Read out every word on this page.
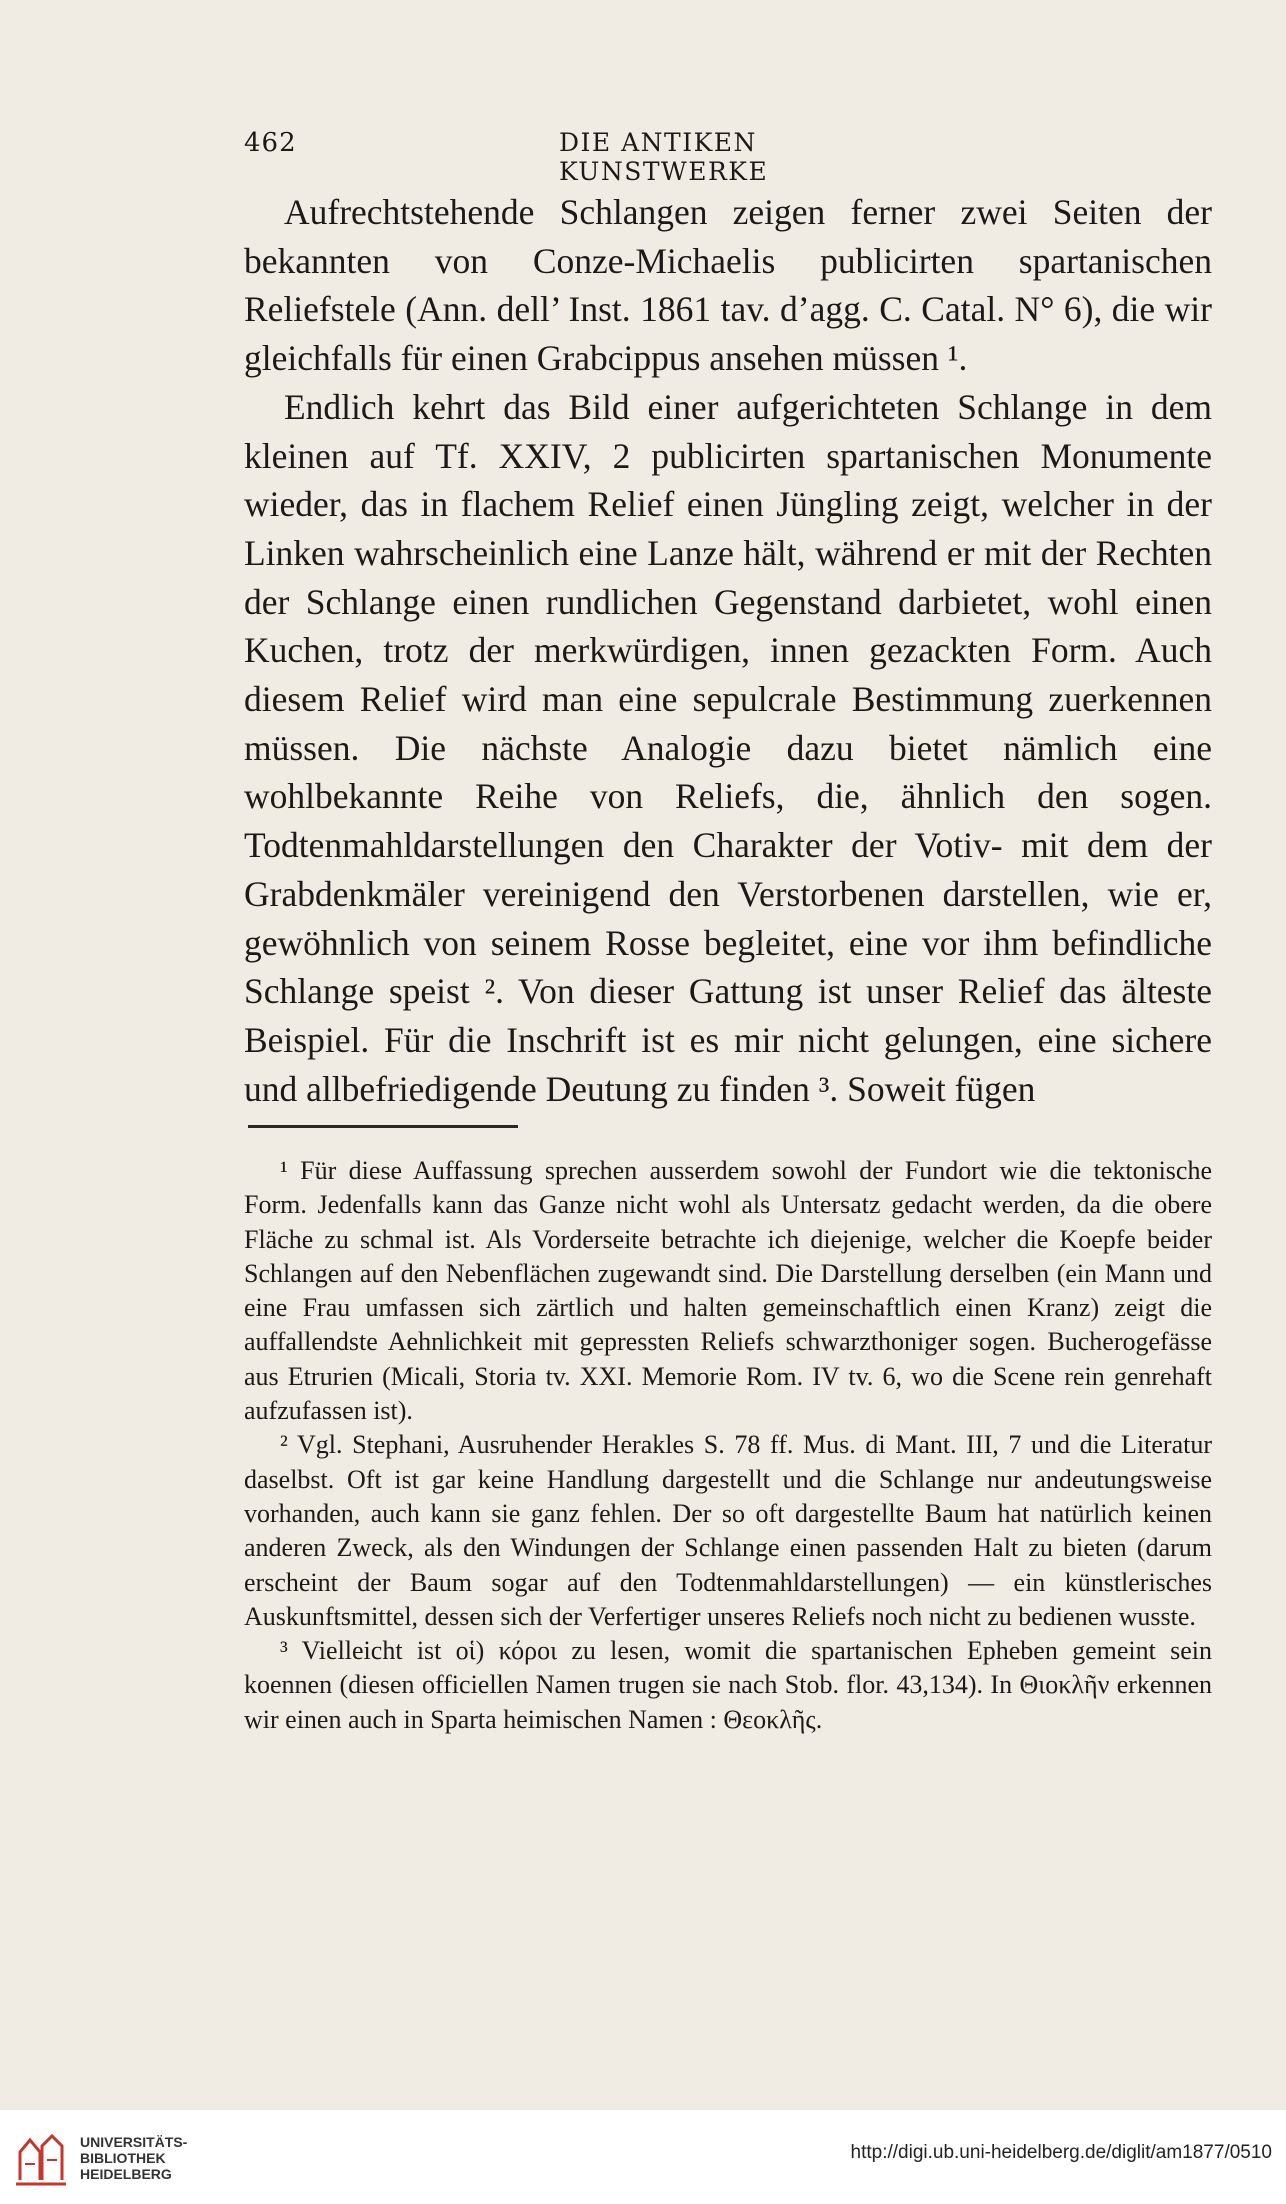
462	DIE ANTIKEN KUNSTWERKE

Aufrechtstehende Schlangen zeigen ferner zwei Seiten der bekannten von Conze-Michaelis publicirten spartanischen Reliefstele (Ann. dell’ Inst. 1861 tav. d’agg. C. Catal. N° 6), die wir gleichfalls für einen Grabcippus ansehen müssen ¹.

Endlich kehrt das Bild einer aufgerichteten Schlange in dem kleinen auf Tf. XXIV, 2 publicirten spartanischen Monumente wieder, das in flachem Relief einen Jüngling zeigt, welcher in der Linken wahrscheinlich eine Lanze hält, während er mit der Rechten der Schlange einen rundlichen Gegenstand darbietet, wohl einen Kuchen, trotz der merkwürdigen, innen gezackten Form. Auch diesem Relief wird man eine sepulcrale Bestimmung zuerkennen müssen. Die nächste Analogie dazu bietet nämlich eine wohlbekannte Reihe von Reliefs, die, ähnlich den sogen. Todtenmahldarstellungen den Charakter der Votiv- mit dem der Grabdenkmäler vereinigend den Verstorbenen darstellen, wie er, gewöhnlich von seinem Rosse begleitet, eine vor ihm befindliche Schlange speist ². Von dieser Gattung ist unser Relief das älteste Beispiel. Für die Inschrift ist es mir nicht gelungen, eine sichere und allbefriedigende Deutung zu finden ³. Soweit fügen

¹ Für diese Auffassung sprechen ausserdem sowohl der Fundort wie die tektonische Form. Jedenfalls kann das Ganze nicht wohl als Untersatz gedacht werden, da die obere Fläche zu schmal ist. Als Vorderseite betrachte ich diejenige, welcher die Koepfe beider Schlangen auf den Nebenflächen zugewandt sind. Die Darstellung derselben (ein Mann und eine Frau umfassen sich zärtlich und halten gemeinschaftlich einen Kranz) zeigt die auffallendste Aehnlichkeit mit gepressten Reliefs schwarzthoniger sogen. Bucherogefässe aus Etrurien (Micali, Storia tv. XXI. Memorie Rom. IV tv. 6, wo die Scene rein genrehaft aufzufassen ist).

² Vgl. Stephani, Ausruhender Herakles S. 78 ff. Mus. di Mant. III, 7 und die Literatur daselbst. Oft ist gar keine Handlung dargestellt und die Schlange nur andeutungsweise vorhanden, auch kann sie ganz fehlen. Der so oft dargestellte Baum hat natürlich keinen anderen Zweck, als den Windungen der Schlange einen passenden Halt zu bieten (darum erscheint der Baum sogar auf den Todtenmahldarstellungen) — ein künstlerisches Auskunftsmittel, dessen sich der Verfertiger unseres Reliefs noch nicht zu bedienen wusste.

³ Vielleicht ist οἱ) κόροι zu lesen, womit die spartanischen Epheben gemeint sein koennen (diesen officiellen Namen trugen sie nach Stob. flor. 43,134). In Θιοκλῆν erkennen wir einen auch in Sparta heimischen Namen : Θεοκλῆς.

UNIVERSITÄTS-
BIBLIOTHEK
HEIDELBERG
http://digi.ub.uni-heidelberg.de/diglit/am1877/0510
